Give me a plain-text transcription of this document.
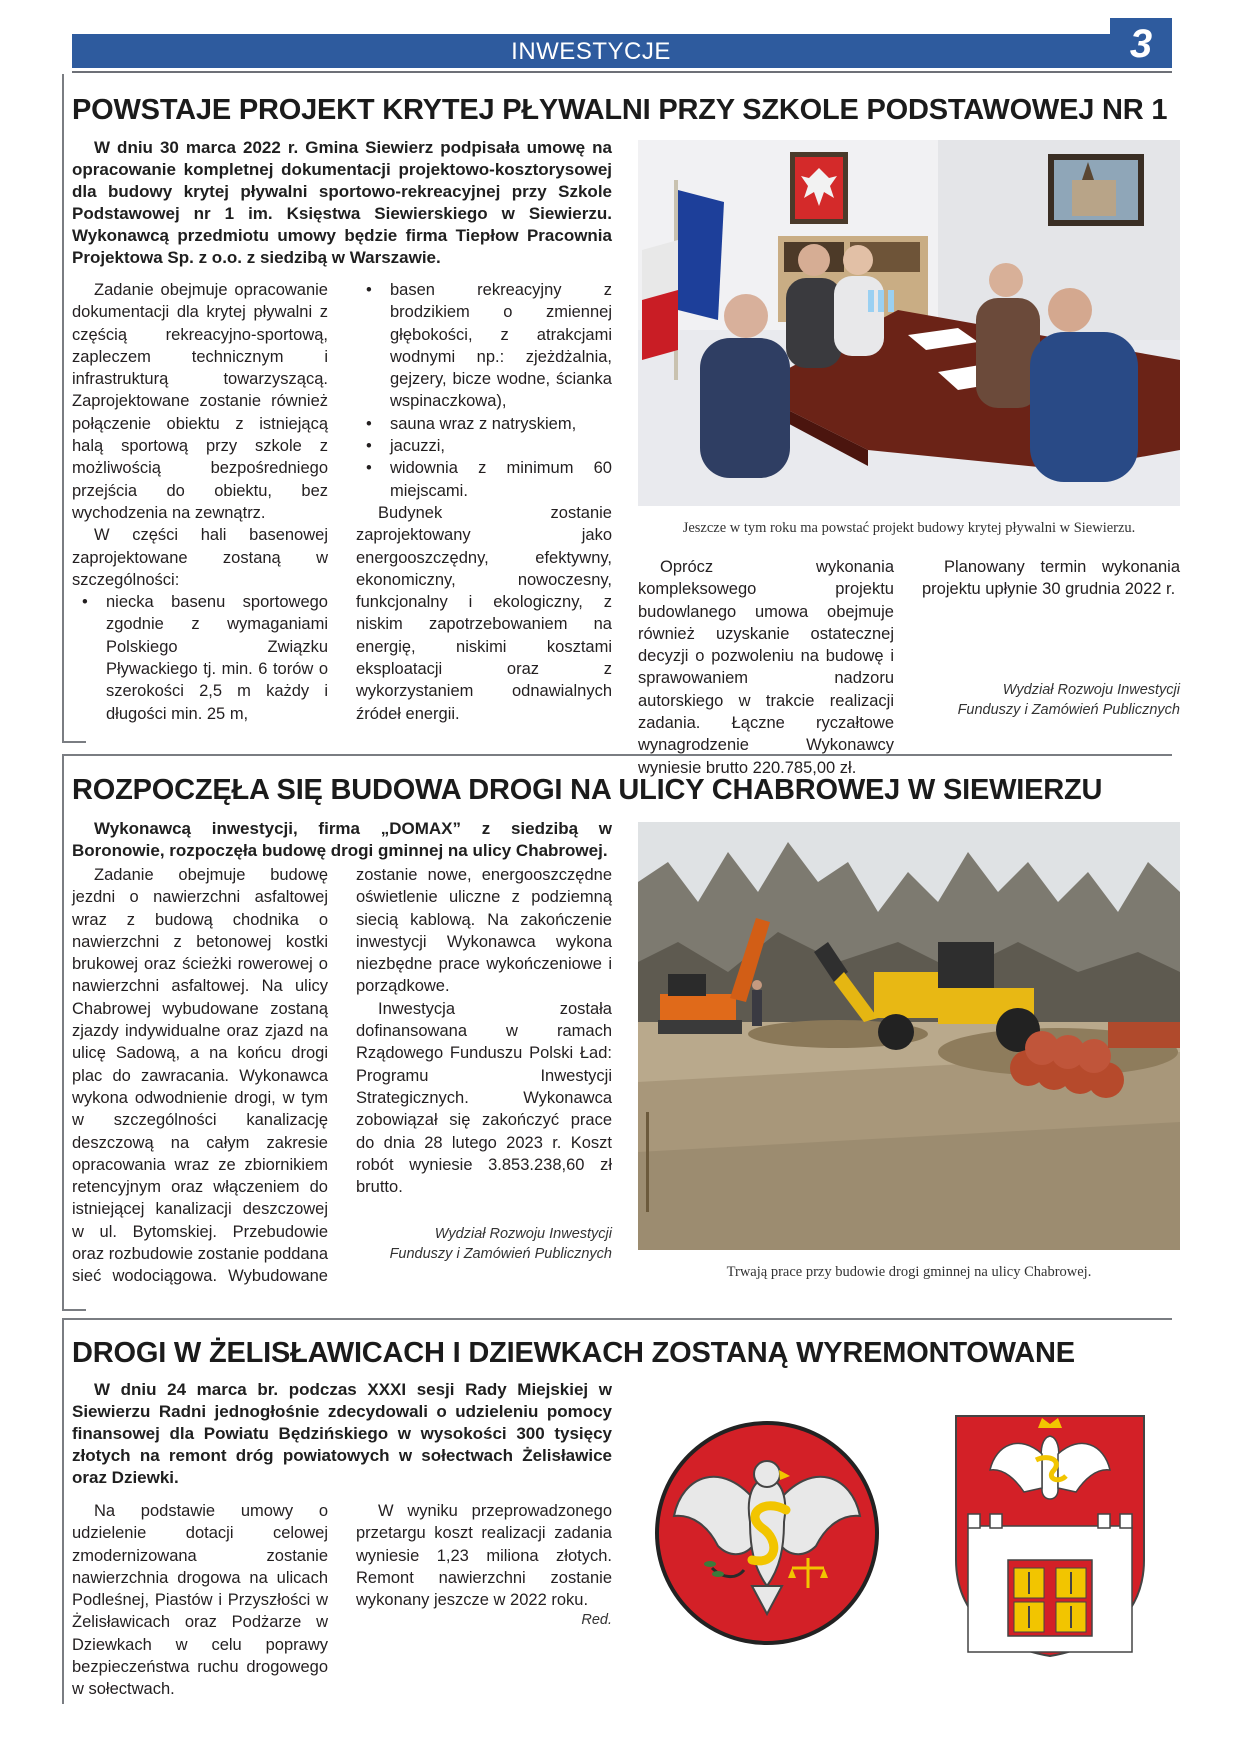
INWESTYCJE	3
POWSTAJE PROJEKT KRYTEJ PŁYWALNI PRZY SZKOLE PODSTAWOWEJ NR 1
W dniu 30 marca 2022 r. Gmina Siewierz podpisała umowę na opracowanie kompletnej dokumentacji projektowo-kosztorysowej dla budowy krytej pływalni sportowo-rekreacyjnej przy Szkole Podstawowej nr 1 im. Księstwa Siewierskiego w Siewierzu. Wykonawcą przedmiotu umowy będzie firma Tiepłow Pracownia Projektowa Sp. z o.o. z siedzibą w Warszawie.

Zadanie obejmuje opracowanie dokumentacji dla krytej pływalni z częścią rekreacyjno-sportową, zapleczem technicznym i infrastrukturą towarzyszącą. Zaprojektowane zostanie również połączenie obiektu z istniejącą halą sportową przy szkole z możliwością bezpośredniego przejścia do obiektu, bez wychodzenia na zewnątrz.

W części hali basenowej zaprojektowane zostaną w szczególności:

• niecka basenu sportowego zgodnie z wymaganiami Polskiego Związku Pływackiego tj. min. 6 torów o szerokości 2,5 m każdy i długości min. 25 m,
• basen rekreacyjny z brodzikiem o zmiennej głębokości, z atrakcjami wodnymi np.: zjeżdżalnia, gejzery, bicze wodne, ścianka wspinaczkowa),
• sauna wraz z natryskiem,
• jacuzzi,
• widownia z minimum 60 miejscami.

Budynek zostanie zaprojektowany jako energooszczędny, efektywny, ekonomiczny, nowoczesny, funkcjonalny i ekologiczny, z niskim zapotrzebowaniem na energię, niskimi kosztami eksploatacji oraz z wykorzystaniem odnawialnych źródeł energii.

Jeszcze w tym roku ma powstać projekt budowy krytej pływalni w Siewierzu.

Oprócz wykonania kompleksowego projektu budowlanego umowa obejmuje również uzyskanie ostatecznej decyzji o pozwoleniu na budowę i sprawowaniem nadzoru autorskiego w trakcie realizacji zadania. Łączne ryczałtowe wynagrodzenie Wykonawcy wyniesie brutto 220.785,00 zł.

Planowany termin wykonania projektu upłynie 30 grudnia 2022 r.

Wydział Rozwoju Inwestycji
Funduszy i Zamówień Publicznych
ROZPOCZĘŁA SIĘ BUDOWA DROGI NA ULICY CHABROWEJ W SIEWIERZU
Wykonawcą inwestycji, firma „DOMAX” z siedzibą w Boronowie, rozpoczęła budowę drogi gminnej na ulicy Chabrowej.

Zadanie obejmuje budowę jezdni o nawierzchni asfaltowej wraz z budową chodnika o nawierzchni z betonowej kostki brukowej oraz ścieżki rowerowej o nawierzchni asfaltowej. Na ulicy Chabrowej wybudowane zostaną zjazdy indywidualne oraz zjazd na ulicę Sadową, a na końcu drogi plac do zawracania. Wykonawca wykona odwodnienie drogi, w tym w szczególności kanalizację deszczową na całym zakresie opracowania wraz ze zbiornikiem retencyjnym oraz włączeniem do istniejącej kanalizacji deszczowej w ul. Bytomskiej. Przebudowie oraz rozbudowie zostanie poddana sieć wodociągowa. Wybudowane zostanie nowe, energooszczędne oświetlenie uliczne z podziemną siecią kablową. Na zakończenie inwestycji Wykonawca wykona niezbędne prace wykończeniowe i porządkowe.

Inwestycja została dofinansowana w ramach Rządowego Funduszu Polski Ład: Programu Inwestycji Strategicznych. Wykonawca zobowiązał się zakończyć prace do dnia 28 lutego 2023 r. Koszt robót wyniesie 3.853.238,60 zł brutto.

Wydział Rozwoju Inwestycji
Funduszy i Zamówień Publicznych
Trwają prace przy budowie drogi gminnej na ulicy Chabrowej.
DROGI W ŻELISŁAWICACH I DZIEWKACH ZOSTANĄ WYREMONTOWANE
W dniu 24 marca br. podczas XXXI sesji Rady Miejskiej w Siewierzu Radni jednogłośnie zdecydowali o udzieleniu pomocy finansowej dla Powiatu Będzińskiego w wysokości 300 tysięcy złotych na remont dróg powiatowych w sołectwach Żelisławice oraz Dziewki.

Na podstawie umowy o udzielenie dotacji celowej zmodernizowana zostanie nawierzchnia drogowa na ulicach Podleśnej, Piastów i Przyszłości w Żelisławicach oraz Podżarze w Dziewkach w celu poprawy bezpieczeństwa ruchu drogowego w sołectwach.

W wyniku przeprowadzonego przetargu koszt realizacji zadania wyniesie 1,23 miliona złotych. Remont nawierzchni zostanie wykonany jeszcze w 2022 roku.

Red.
